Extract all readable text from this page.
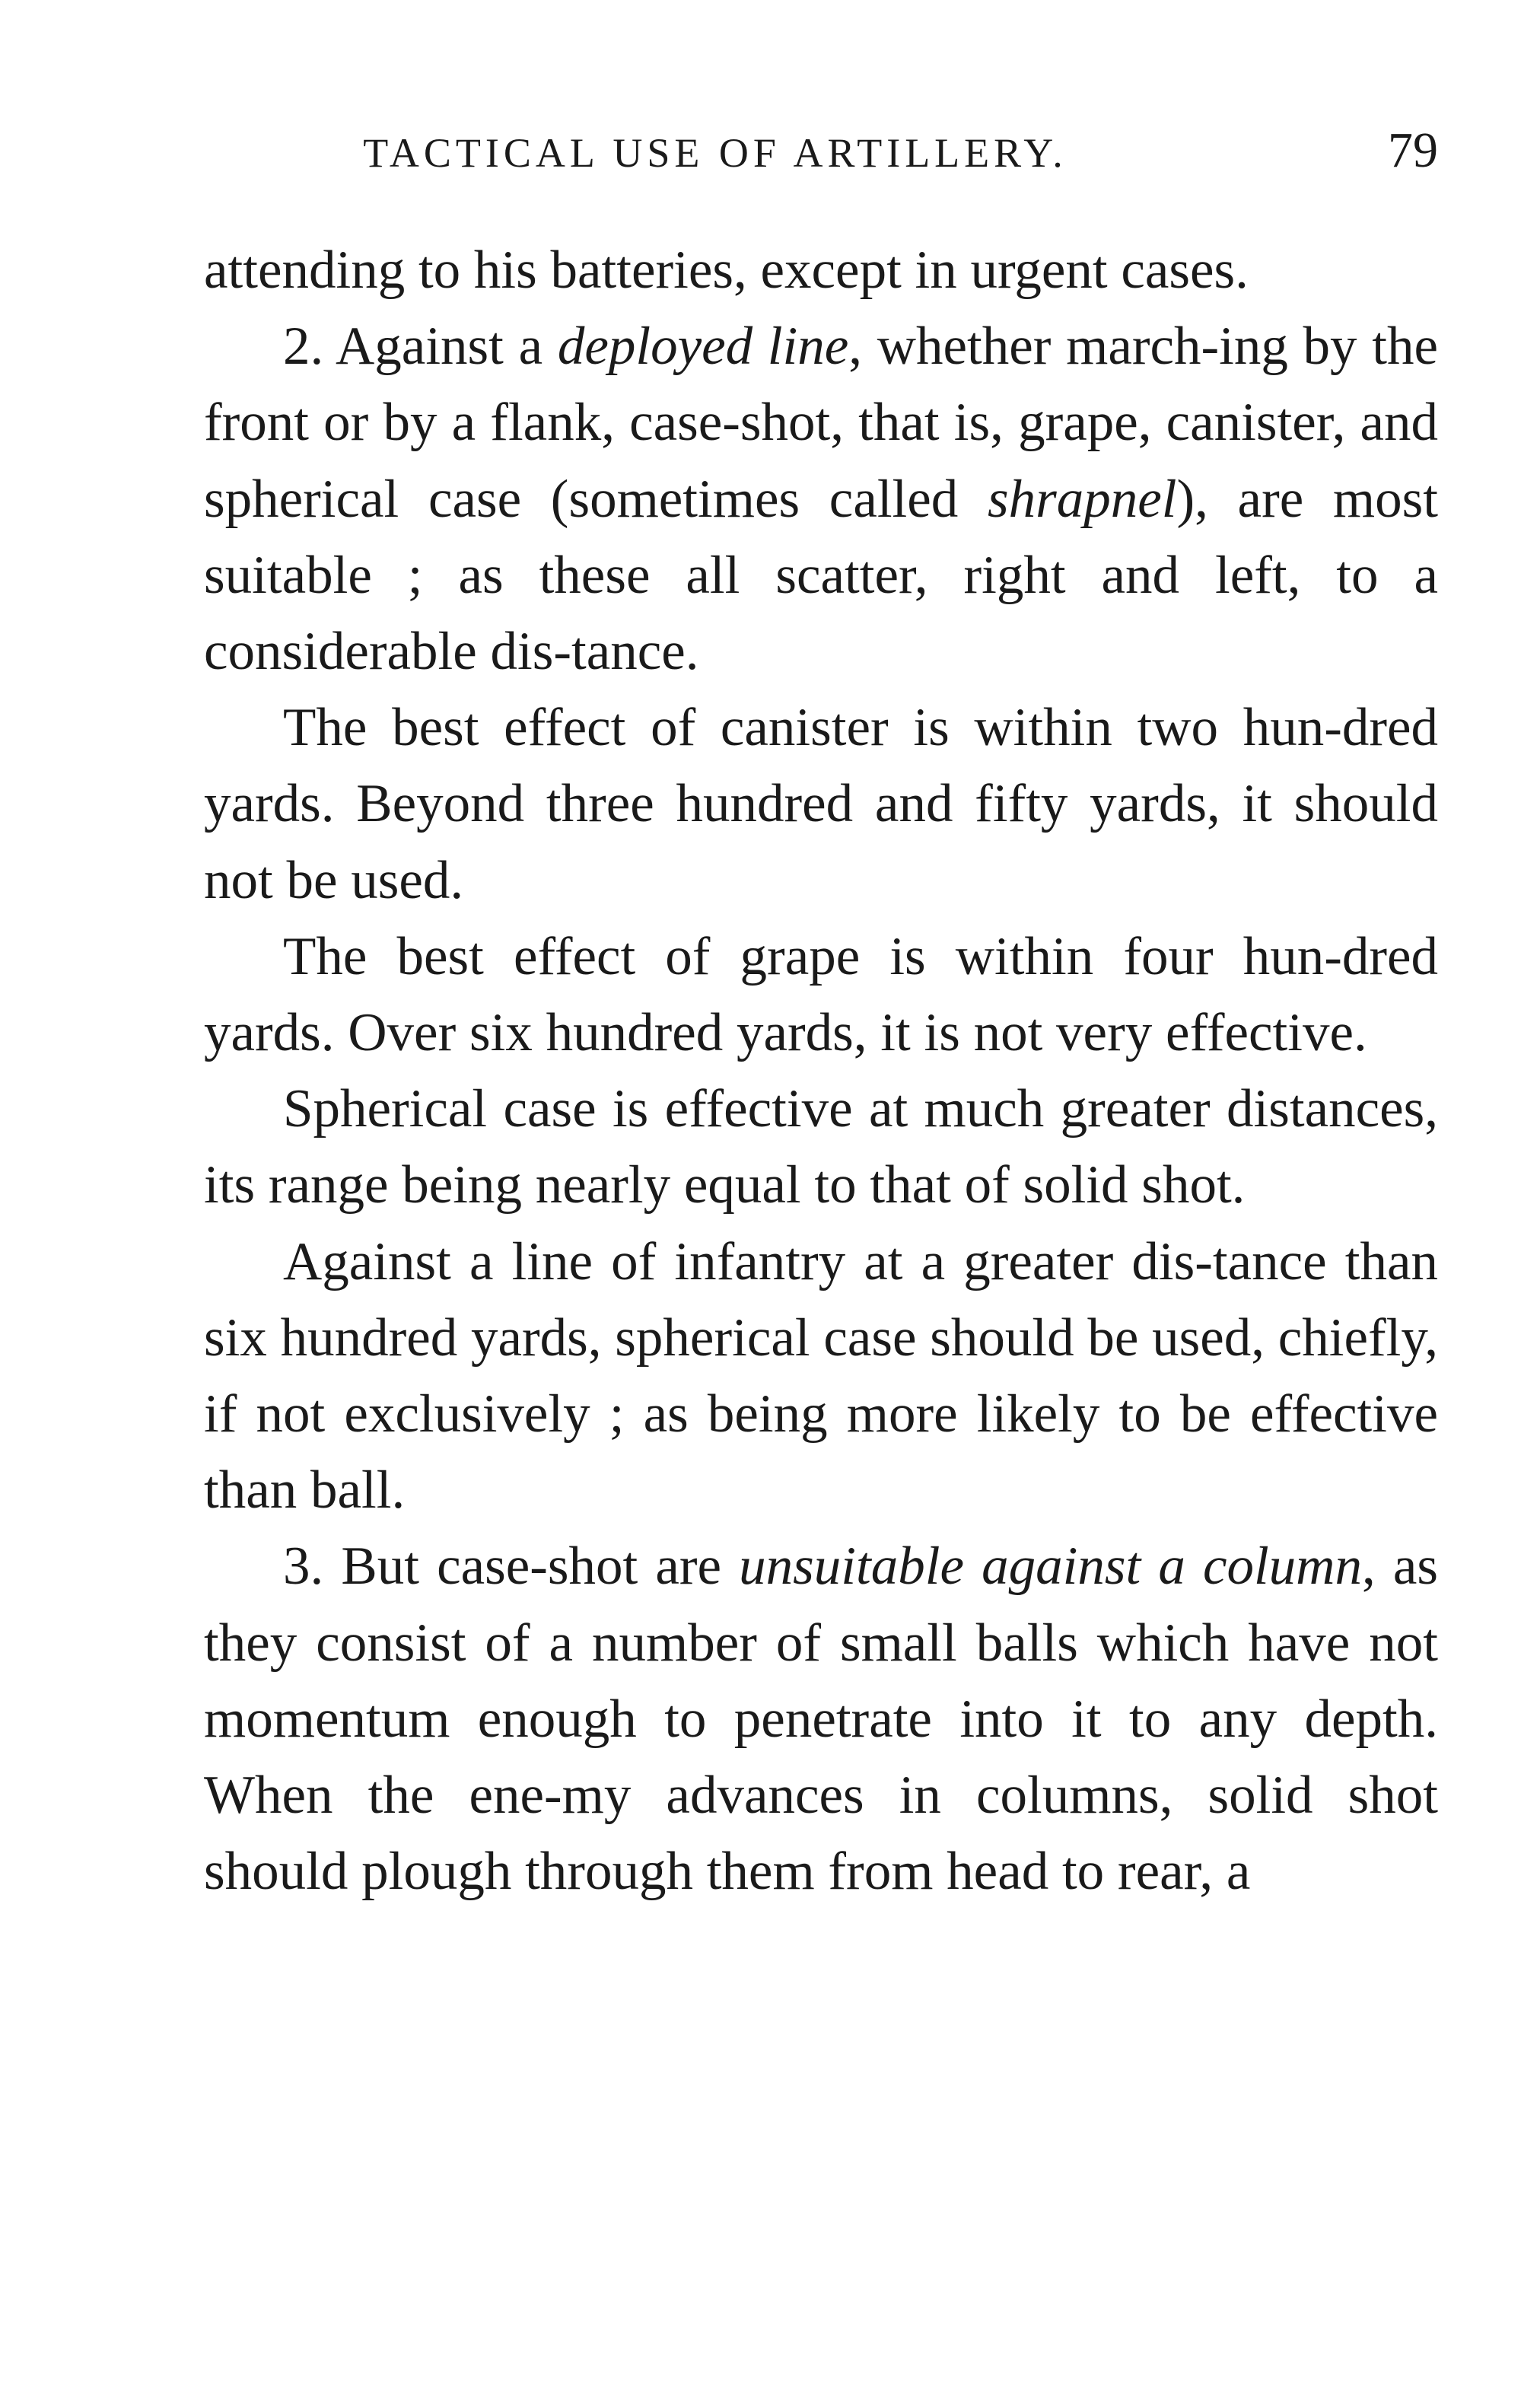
TACTICAL USE OF ARTILLERY.	79

attending to his batteries, except in urgent cases.

2. Against a deployed line, whether march-ing by the front or by a flank, case-shot, that is, grape, canister, and spherical case (sometimes called shrapnel), are most suitable ; as these all scatter, right and left, to a considerable dis-tance.

The best effect of canister is within two hun-dred yards. Beyond three hundred and fifty yards, it should not be used.

The best effect of grape is within four hun-dred yards. Over six hundred yards, it is not very effective.

Spherical case is effective at much greater distances, its range being nearly equal to that of solid shot.

Against a line of infantry at a greater dis-tance than six hundred yards, spherical case should be used, chiefly, if not exclusively ; as being more likely to be effective than ball.

3. But case-shot are unsuitable against a column, as they consist of a number of small balls which have not momentum enough to penetrate into it to any depth. When the ene-my advances in columns, solid shot should plough through them from head to rear, a
